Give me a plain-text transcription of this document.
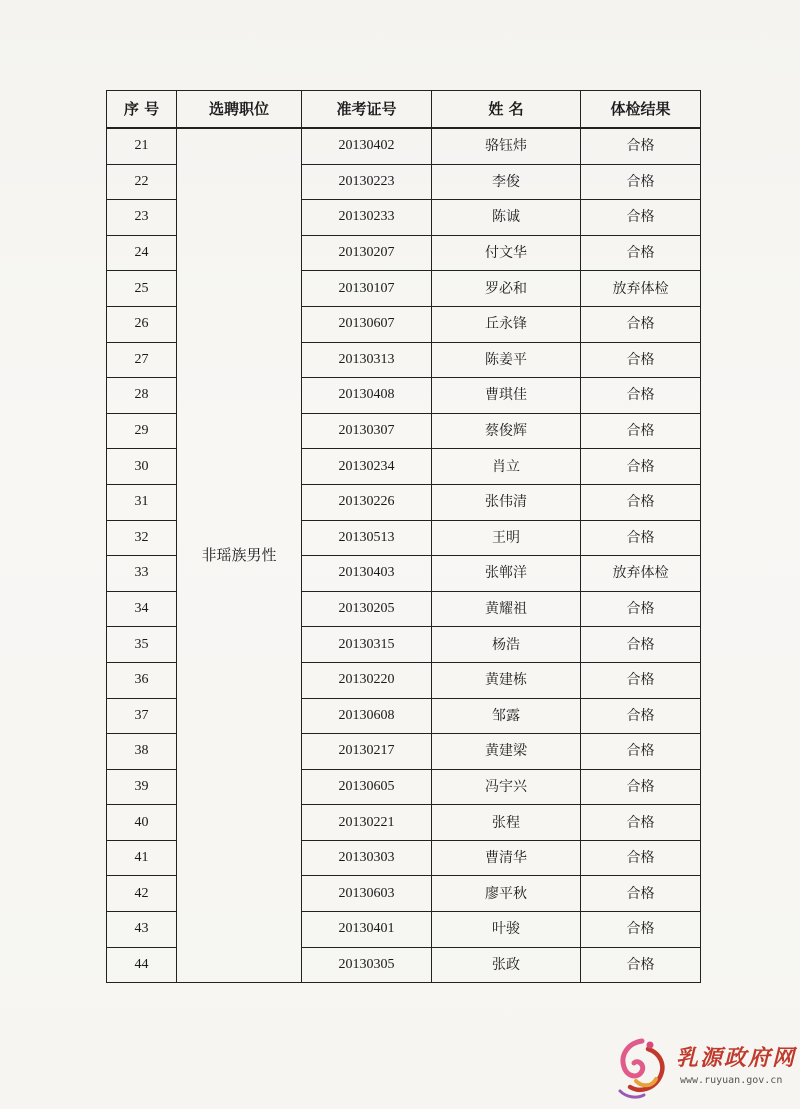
序 号	选聘职位	准考证号	姓 名	体检结果
21	非瑶族男性	20130402	骆钰炜	合格
22		20130223	李俊	合格
23		20130233	陈诚	合格
24		20130207	付文华	合格
25		20130107	罗必和	放弃体检
26		20130607	丘永锋	合格
27		20130313	陈姜平	合格
28		20130408	曹琪佳	合格
29		20130307	蔡俊辉	合格
30		20130234	肖立	合格
31		20130226	张伟清	合格
32		20130513	王明	合格
33		20130403	张郸洋	放弃体检
34		20130205	黄耀祖	合格
35		20130315	杨浩	合格
36		20130220	黄建栋	合格
37		20130608	邹露	合格
38		20130217	黄建梁	合格
39		20130605	冯宇兴	合格
40		20130221	张程	合格
41		20130303	曹清华	合格
42		20130603	廖平秋	合格
43		20130401	叶骏	合格
44		20130305	张政	合格
乳源政府网
www.ruyuan.gov.cn
